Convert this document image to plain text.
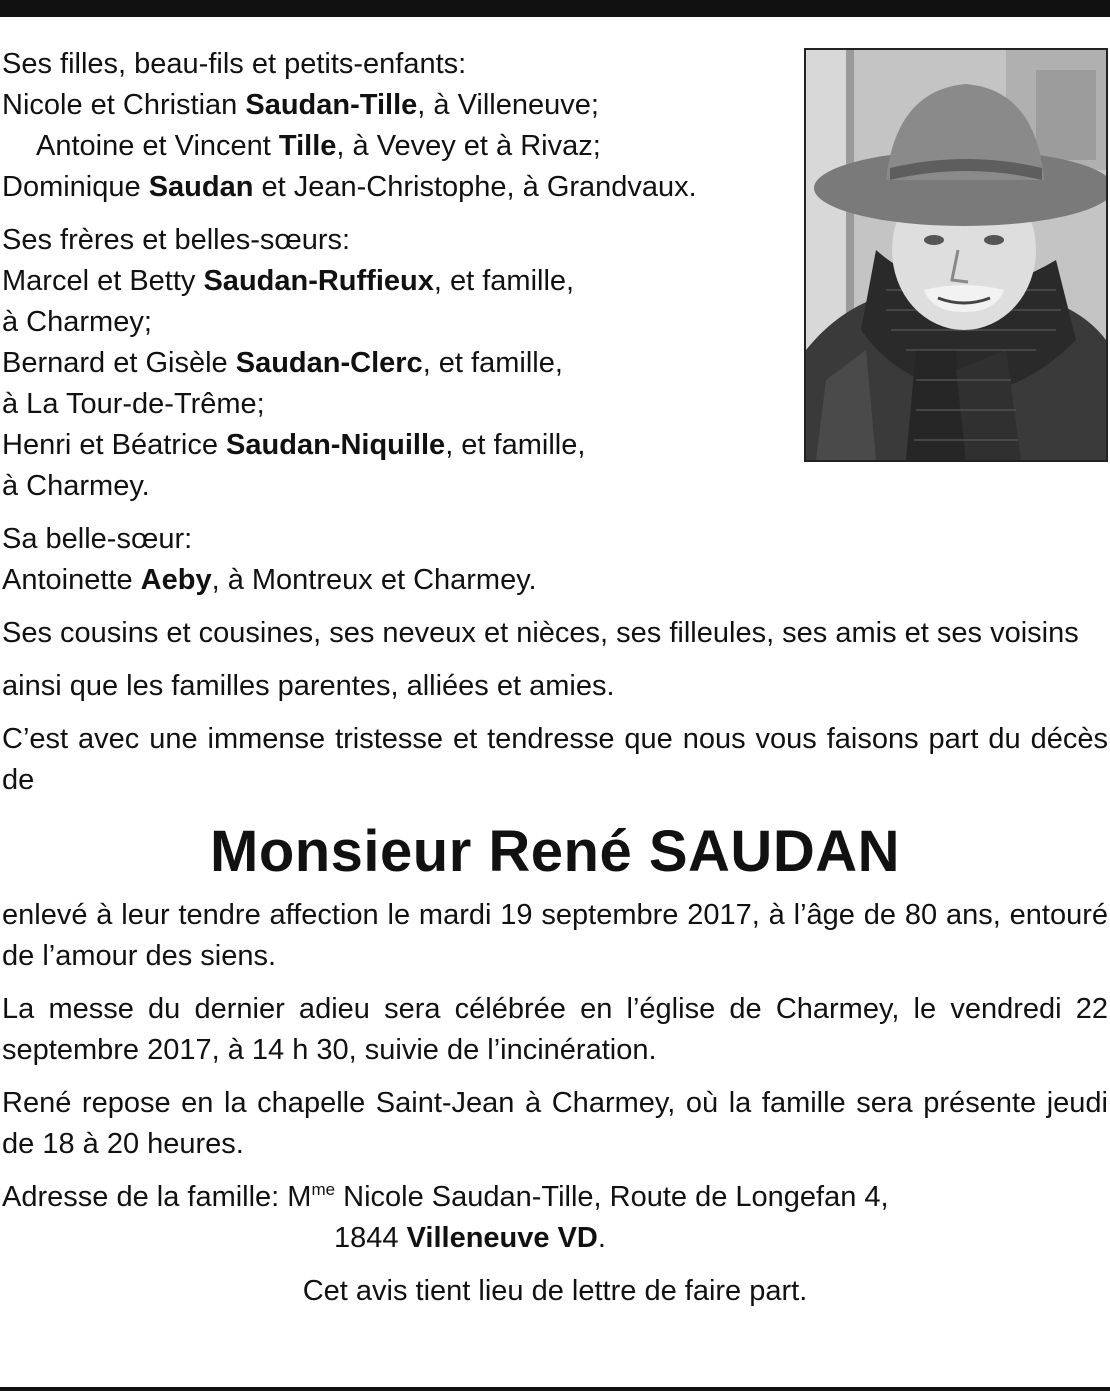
Ses filles, beau-fils et petits-enfants:
Nicole et Christian Saudan-Tille, à Villeneuve;
Antoine et Vincent Tille, à Vevey et à Rivaz;
Dominique Saudan et Jean-Christophe, à Grandvaux.

Ses frères et belles-sœurs:
Marcel et Betty Saudan-Ruffieux, et famille,
à Charmey;
Bernard et Gisèle Saudan-Clerc, et famille,
à La Tour-de-Trême;
Henri et Béatrice Saudan-Niquille, et famille,
à Charmey.

Sa belle-sœur:
Antoinette Aeby, à Montreux et Charmey.

Ses cousins et cousines, ses neveux et nièces, ses filleules, ses amis et ses voisins

ainsi que les familles parentes, alliées et amies.

C’est avec une immense tristesse et tendresse que nous vous faisons part du décès de

Monsieur René SAUDAN

enlevé à leur tendre affection le mardi 19 septembre 2017, à l’âge de 80 ans, entouré de l’amour des siens.

La messe du dernier adieu sera célébrée en l’église de Charmey, le vendredi 22 septembre 2017, à 14 h 30, suivie de l’incinération.

René repose en la chapelle Saint-Jean à Charmey, où la famille sera présente jeudi de 18 à 20 heures.

Adresse de la famille: $M^{me}$ Nicole Saudan-Tille, Route de Longefan 4,
1844 Villeneuve VD.

Cet avis tient lieu de lettre de faire part.
